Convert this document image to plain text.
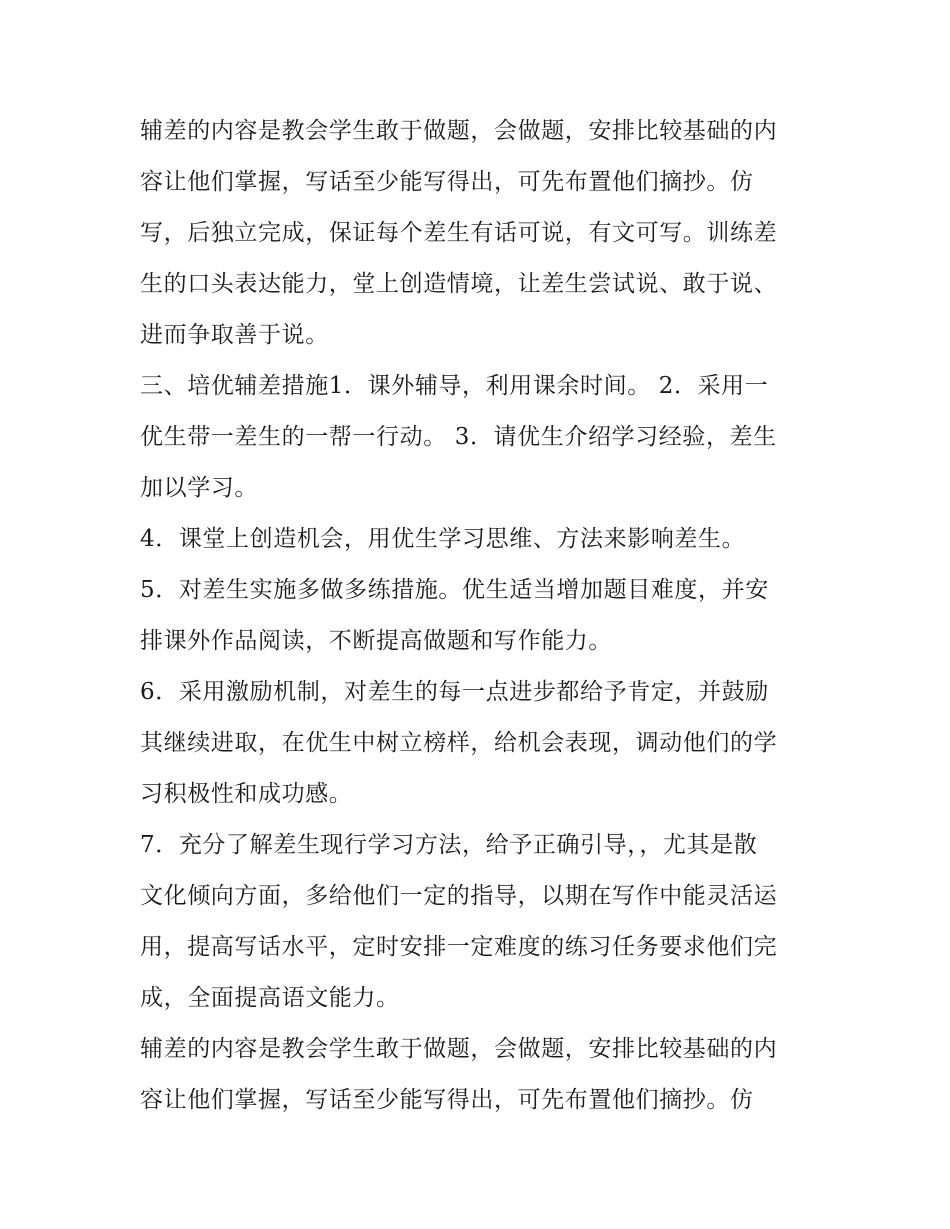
辅差的内容是教会学生敢于做题，会做题，安排比较基础的内
容让他们掌握，写话至少能写得出，可先布置他们摘抄。仿
写，后独立完成，保证每个差生有话可说，有文可写。训练差
生的口头表达能力，堂上创造情境，让差生尝试说、敢于说、
进而争取善于说。
三、培优辅差措施1．课外辅导，利用课余时间。 2．采用一
优生带一差生的一帮一行动。 3．请优生介绍学习经验，差生
加以学习。
4．课堂上创造机会，用优生学习思维、方法来影响差生。
5．对差生实施多做多练措施。优生适当增加题目难度，并安
排课外作品阅读，不断提高做题和写作能力。
6．采用激励机制，对差生的每一点进步都给予肯定，并鼓励
其继续进取，在优生中树立榜样，给机会表现，调动他们的学
习积极性和成功感。
7．充分了解差生现行学习方法，给予正确引导，，尤其是散
文化倾向方面，多给他们一定的指导，以期在写作中能灵活运
用，提高写话水平，定时安排一定难度的练习任务要求他们完
成，全面提高语文能力。
辅差的内容是教会学生敢于做题，会做题，安排比较基础的内
容让他们掌握，写话至少能写得出，可先布置他们摘抄。仿
